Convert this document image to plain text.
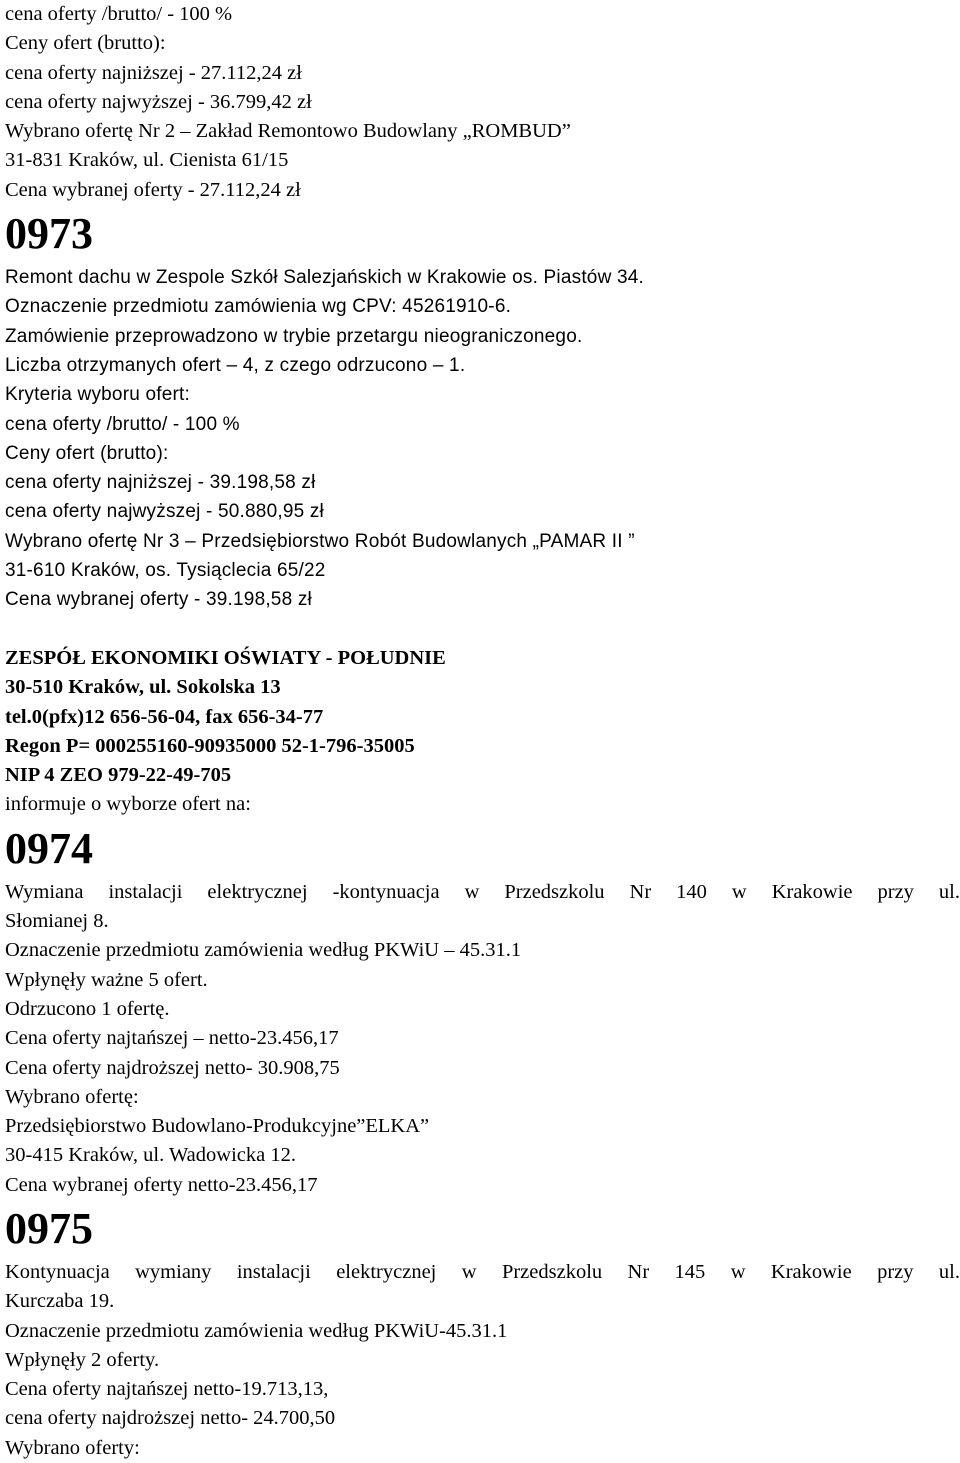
cena oferty /brutto/ - 100 %
Ceny ofert (brutto):
cena oferty najniższej - 27.112,24 zł
cena oferty najwyższej - 36.799,42 zł
Wybrano ofertę Nr 2 – Zakład Remontowo Budowlany „ROMBUD”
31-831 Kraków, ul. Cienista 61/15
Cena wybranej oferty - 27.112,24 zł
0973
Remont dachu w Zespole Szkół Salezjańskich w Krakowie os. Piastów 34.
Oznaczenie przedmiotu zamówienia wg CPV: 45261910-6.
Zamówienie przeprowadzono w trybie przetargu nieograniczonego.
Liczba otrzymanych ofert – 4, z czego odrzucono – 1.
Kryteria wyboru ofert:
cena oferty /brutto/ - 100 %
Ceny ofert (brutto):
cena oferty najniższej - 39.198,58 zł
cena oferty najwyższej - 50.880,95 zł
Wybrano ofertę Nr 3 – Przedsiębiorstwo Robót Budowlanych „PAMAR II ”
31-610 Kraków, os. Tysiąclecia 65/22
Cena wybranej oferty - 39.198,58 zł
ZESPÓŁ EKONOMIKI OŚWIATY - POŁUDNIE
30-510 Kraków, ul. Sokolska 13
tel.0(pfx)12 656-56-04, fax 656-34-77
Regon P= 000255160-90935000 52-1-796-35005
NIP 4 ZEO 979-22-49-705
informuje o wyborze ofert na:
0974
Wymiana instalacji elektrycznej -kontynuacja w Przedszkolu Nr 140 w Krakowie przy ul.
Słomianej 8.
Oznaczenie przedmiotu zamówienia według PKWiU – 45.31.1
Wpłynęły ważne 5 ofert.
Odrzucono 1 ofertę.
Cena oferty najtańszej – netto-23.456,17
Cena oferty najdroższej netto- 30.908,75
Wybrano ofertę:
Przedsiębiorstwo Budowlano-Produkcyjne”ELKA”
30-415 Kraków, ul. Wadowicka 12.
Cena wybranej oferty netto-23.456,17
0975
Kontynuacja wymiany instalacji elektrycznej w Przedszkolu Nr 145 w Krakowie przy ul.
Kurczaba 19.
Oznaczenie przedmiotu zamówienia według PKWiU-45.31.1
Wpłynęły 2 oferty.
Cena oferty najtańszej netto-19.713,13,
cena oferty najdroższej netto- 24.700,50
Wybrano oferty:
